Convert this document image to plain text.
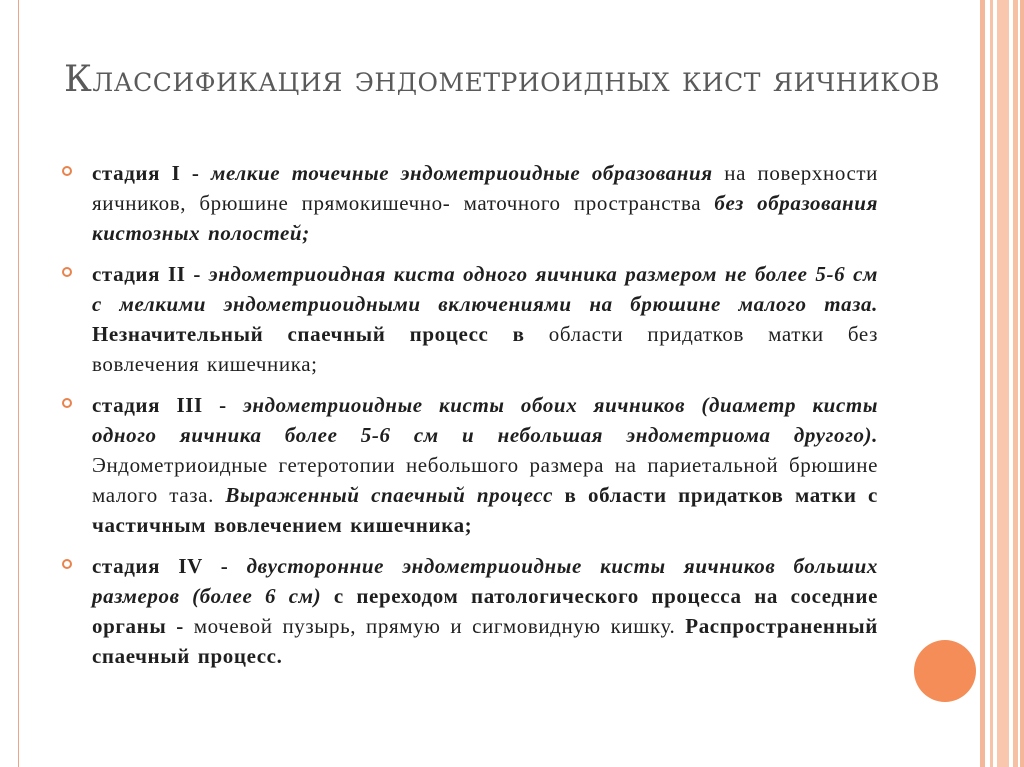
Классификация эндометриоидных кист яичников
стадия I - мелкие точечные эндометриоидные образования на поверхности яичников, брюшине прямокишечно- маточного пространства без образования кистозных полостей;
стадия II - эндометриоидная киста одного яичника размером не более 5-6 см с мелкими эндометриоидными включениями на брюшине малого таза. Незначительный спаечный процесс в области придатков матки без вовлечения кишечника;
стадия III - эндометриоидные кисты обоих яичников (диаметр кисты одного яичника более 5-6 см и небольшая эндометриома другого). Эндометриоидные гетеротопии небольшого размера на париетальной брюшине малого таза. Выраженный спаечный процесс в области придатков матки с частичным вовлечением кишечника;
стадия IV - двусторонние эндометриоидные кисты яичников больших размеров (более 6 см) с переходом патологического процесса на соседние органы - мочевой пузырь, прямую и сигмовидную кишку. Распространенный спаечный процесс.
